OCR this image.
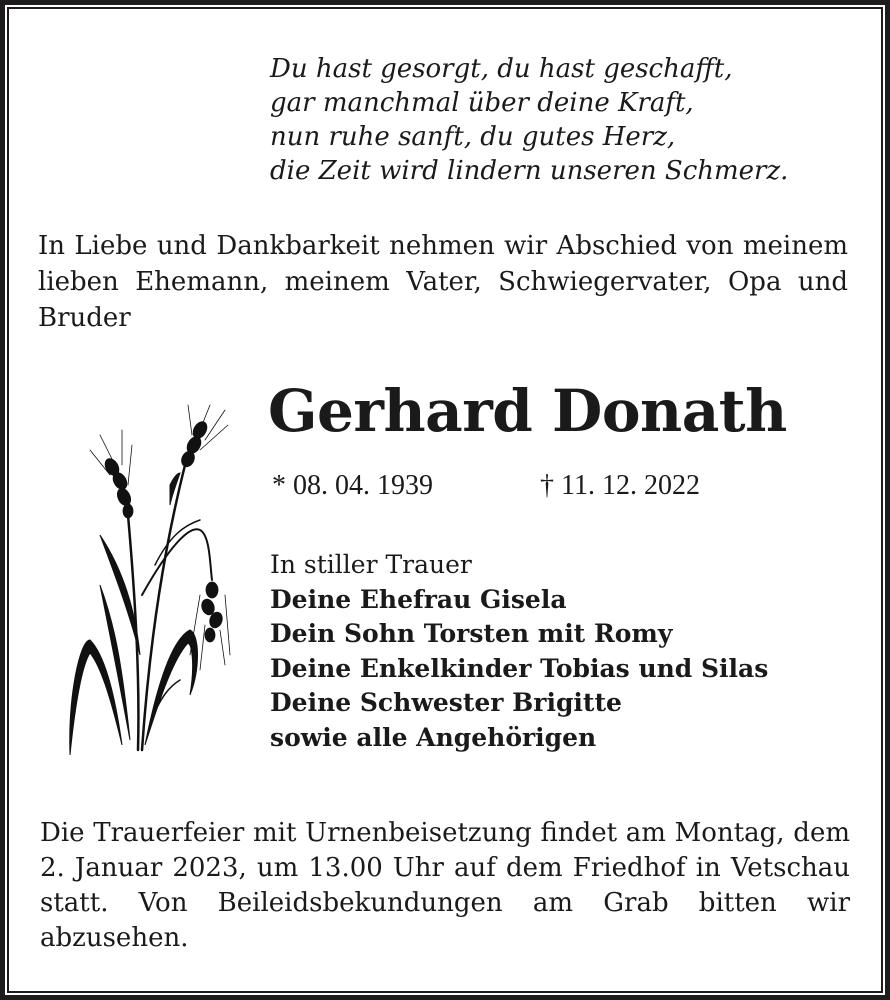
Du hast gesorgt, du hast geschafft,
gar manchmal über deine Kraft,
nun ruhe sanft, du gutes Herz,
die Zeit wird lindern unseren Schmerz.
In Liebe und Dankbarkeit nehmen wir Abschied von meinem lieben Ehemann, meinem Vater, Schwiegervater, Opa und Bruder
Gerhard Donath
* 08. 04. 1939	† 11. 12. 2022
In stiller Trauer
Deine Ehefrau Gisela
Dein Sohn Torsten mit Romy
Deine Enkelkinder Tobias und Silas
Deine Schwester Brigitte
sowie alle Angehörigen
Die Trauerfeier mit Urnenbeisetzung findet am Montag, dem 2. Januar 2023, um 13.00 Uhr auf dem Friedhof in Vetschau statt. Von Beileidsbekundungen am Grab bitten wir abzusehen.
